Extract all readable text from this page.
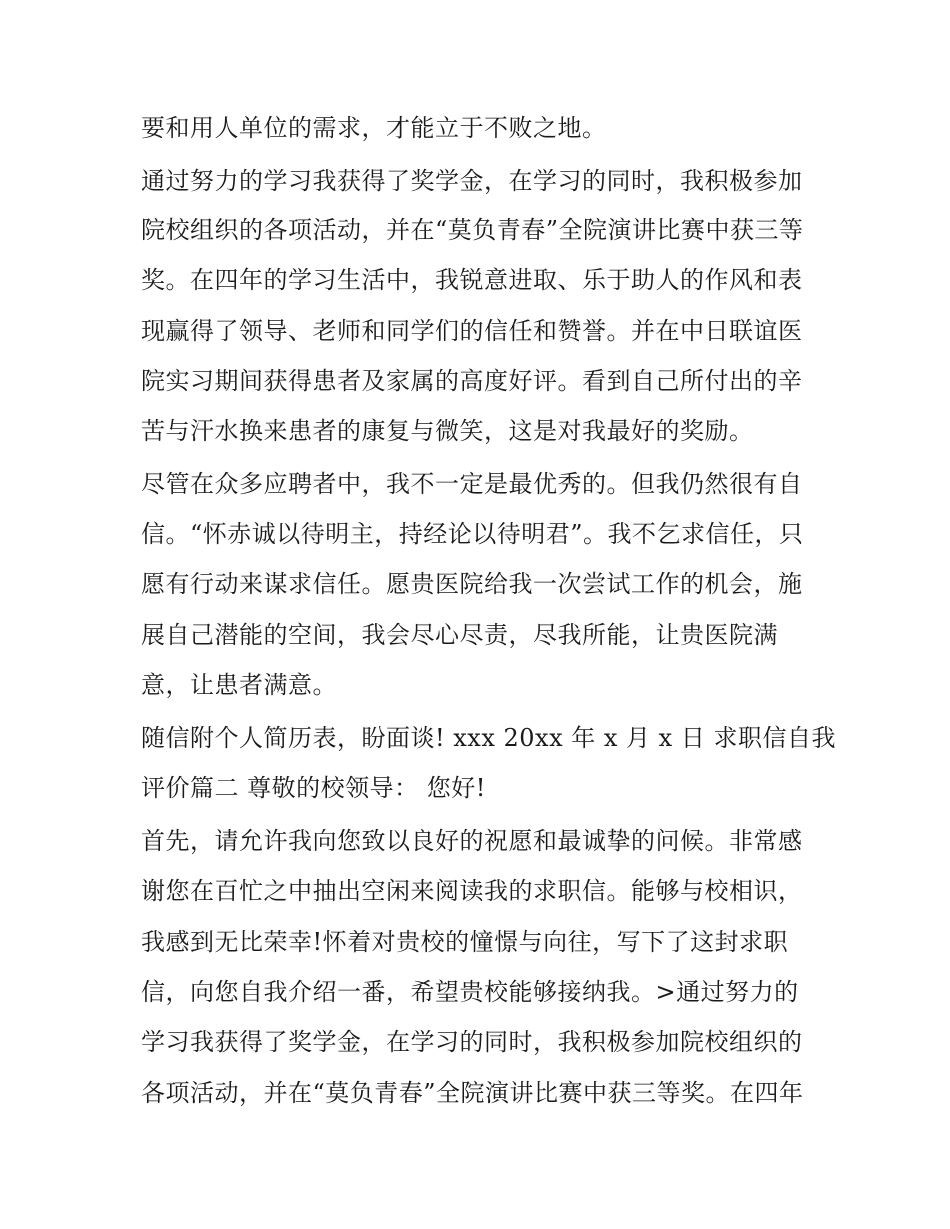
要和用人单位的需求，才能立于不败之地。
通过努力的学习我获得了奖学金，在学习的同时，我积极参加
院校组织的各项活动，并在“莫负青春”全院演讲比赛中获三等
奖。在四年的学习生活中，我锐意进取、乐于助人的作风和表
现赢得了领导、老师和同学们的信任和赞誉。并在中日联谊医
院实习期间获得患者及家属的高度好评。看到自己所付出的辛
苦与汗水换来患者的康复与微笑，这是对我最好的奖励。
尽管在众多应聘者中，我不一定是最优秀的。但我仍然很有自
信。“怀赤诚以待明主，持经论以待明君”。我不乞求信任，只
愿有行动来谋求信任。愿贵医院给我一次尝试工作的机会，施
展自己潜能的空间，我会尽心尽责，尽我所能，让贵医院满
意，让患者满意。
随信附个人简历表，盼面谈! xxx 20xx 年 x 月 x 日 求职信自我
评价篇二 尊敬的校领导： 您好!
首先，请允许我向您致以良好的祝愿和最诚挚的问候。非常感
谢您在百忙之中抽出空闲来阅读我的求职信。能够与校相识，
我感到无比荣幸!怀着对贵校的憧憬与向往，写下了这封求职
信，向您自我介绍一番，希望贵校能够接纳我。>通过努力的
学习我获得了奖学金，在学习的同时，我积极参加院校组织的
各项活动，并在“莫负青春”全院演讲比赛中获三等奖。在四年
